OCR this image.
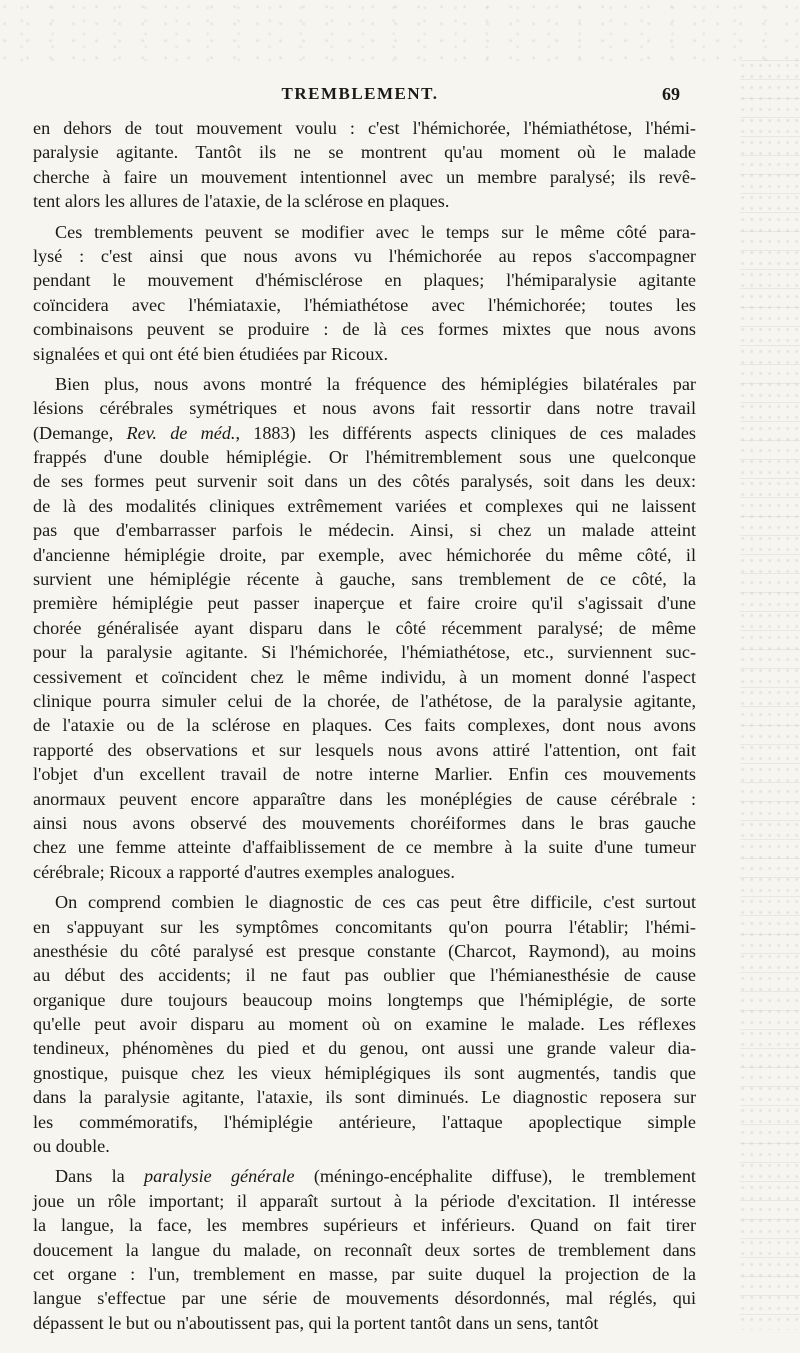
TREMBLEMENT.	69
en dehors de tout mouvement voulu : c'est l'hémichorée, l'hémiathétose, l'hémi-
paralysie agitante. Tantôt ils ne se montrent qu'au moment où le malade
cherche à faire un mouvement intentionnel avec un membre paralysé; ils revê-
tent alors les allures de l'ataxie, de la sclérose en plaques.
Ces tremblements peuvent se modifier avec le temps sur le même côté para-
lysé : c'est ainsi que nous avons vu l'hémichorée au repos s'accompagner
pendant le mouvement d'hémisclérose en plaques; l'hémiparalysie agitante
coïncidera avec l'hémiataxie, l'hémiathétose avec l'hémichorée; toutes les
combinaisons peuvent se produire : de là ces formes mixtes que nous avons
signalées et qui ont été bien étudiées par Ricoux.
Bien plus, nous avons montré la fréquence des hémiplégies bilatérales par
lésions cérébrales symétriques et nous avons fait ressortir dans notre travail
(Demange, Rev. de méd., 1883) les différents aspects cliniques de ces malades
frappés d'une double hémiplégie. Or l'hémitremblement sous une quelconque
de ses formes peut survenir soit dans un des côtés paralysés, soit dans les deux:
de là des modalités cliniques extrêmement variées et complexes qui ne laissent
pas que d'embarrasser parfois le médecin. Ainsi, si chez un malade atteint
d'ancienne hémiplégie droite, par exemple, avec hémichorée du même côté, il
survient une hémiplégie récente à gauche, sans tremblement de ce côté, la
première hémiplégie peut passer inaperçue et faire croire qu'il s'agissait d'une
chorée généralisée ayant disparu dans le côté récemment paralysé; de même
pour la paralysie agitante. Si l'hémichorée, l'hémiathétose, etc., surviennent suc-
cessivement et coïncident chez le même individu, à un moment donné l'aspect
clinique pourra simuler celui de la chorée, de l'athétose, de la paralysie agitante,
de l'ataxie ou de la sclérose en plaques. Ces faits complexes, dont nous avons
rapporté des observations et sur lesquels nous avons attiré l'attention, ont fait
l'objet d'un excellent travail de notre interne Marlier. Enfin ces mouvements
anormaux peuvent encore apparaître dans les monéplégies de cause cérébrale :
ainsi nous avons observé des mouvements choréiformes dans le bras gauche
chez une femme atteinte d'affaiblissement de ce membre à la suite d'une tumeur
cérébrale; Ricoux a rapporté d'autres exemples analogues.
On comprend combien le diagnostic de ces cas peut être difficile, c'est surtout
en s'appuyant sur les symptômes concomitants qu'on pourra l'établir; l'hémi-
anesthésie du côté paralysé est presque constante (Charcot, Raymond), au moins
au début des accidents; il ne faut pas oublier que l'hémianesthésie de cause
organique dure toujours beaucoup moins longtemps que l'hémiplégie, de sorte
qu'elle peut avoir disparu au moment où on examine le malade. Les réflexes
tendineux, phénomènes du pied et du genou, ont aussi une grande valeur dia-
gnostique, puisque chez les vieux hémiplégiques ils sont augmentés, tandis que
dans la paralysie agitante, l'ataxie, ils sont diminués. Le diagnostic reposera sur
les commémoratifs, l'hémiplégie antérieure, l'attaque apoplectique simple
ou double.
Dans la paralysie générale (méningo-encéphalite diffuse), le tremblement
joue un rôle important; il apparaît surtout à la période d'excitation. Il intéresse
la langue, la face, les membres supérieurs et inférieurs. Quand on fait tirer
doucement la langue du malade, on reconnaît deux sortes de tremblement dans
cet organe : l'un, tremblement en masse, par suite duquel la projection de la
langue s'effectue par une série de mouvements désordonnés, mal réglés, qui
dépassent le but ou n'aboutissent pas, qui la portent tantôt dans un sens, tantôt
